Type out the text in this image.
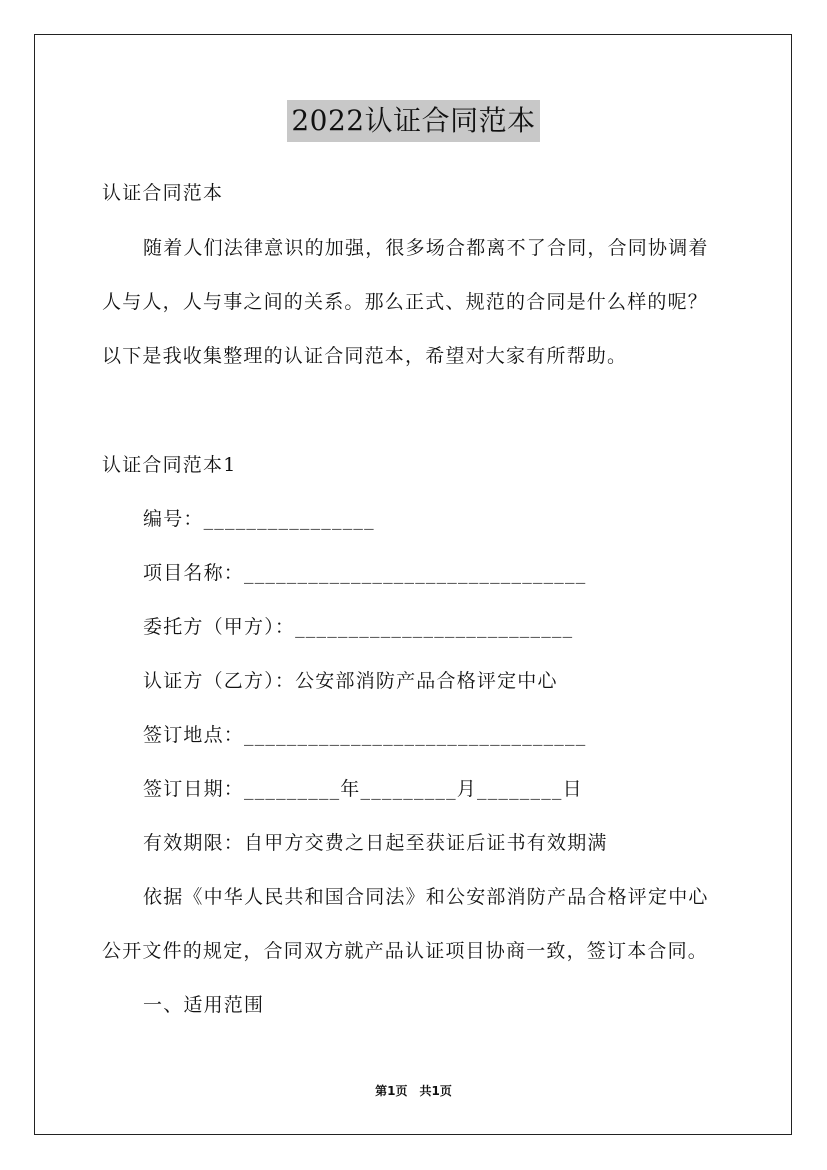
2022认证合同范本
认证合同范本
随着人们法律意识的加强，很多场合都离不了合同，合同协调着
人与人，人与事之间的关系。那么正式、规范的合同是什么样的呢？
以下是我收集整理的认证合同范本，希望对大家有所帮助。
认证合同范本1
编号：________________
项目名称：________________________________
委托方（甲方）：__________________________
认证方（乙方）：公安部消防产品合格评定中心
签订地点：________________________________
签订日期：_________年_________月________日
有效期限：自甲方交费之日起至获证后证书有效期满
依据《中华人民共和国合同法》和公安部消防产品合格评定中心
公开文件的规定，合同双方就产品认证项目协商一致，签订本合同。
一、适用范围
第1页　共1页
